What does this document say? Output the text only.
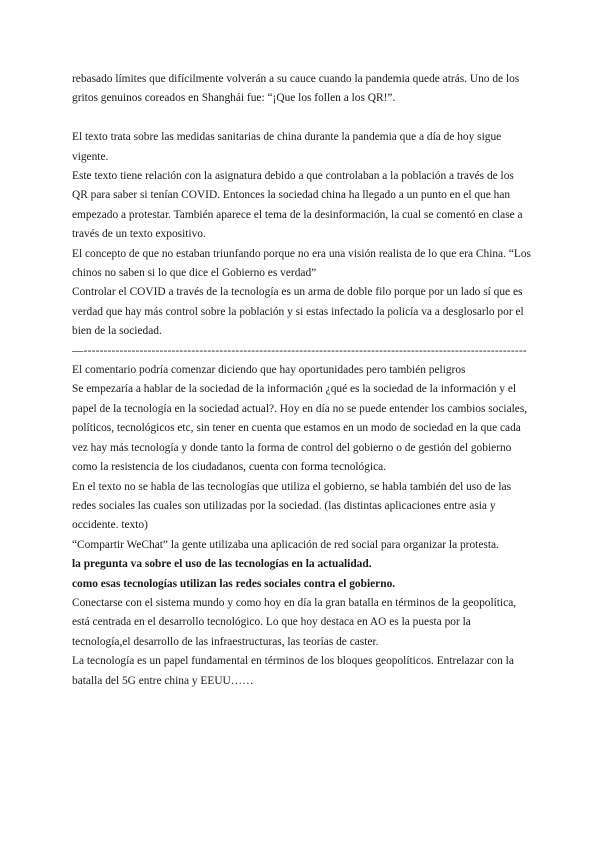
rebasado límites que difícilmente volverán a su cauce cuando la pandemia quede atrás. Uno de los gritos genuinos coreados en Shanghái fue: “¡Que los follen a los QR!”.

El texto trata sobre las medidas sanitarias de china durante la pandemia que a día de hoy sigue vigente.

Este texto tiene relación con la asignatura debido a que controlaban a la población a través de los QR para saber si tenían COVID. Entonces la sociedad china ha llegado a un punto en el que han empezado a protestar. También aparece el tema de la desinformación, la cual se comentó en clase a través de un texto expositivo.

El concepto de que no estaban triunfando porque no era una visión realista de lo que era China. “Los chinos no saben si lo que dice el Gobierno es verdad”

Controlar el COVID a través de la tecnología es un arma de doble filo porque por un lado sí que es verdad que hay más control sobre la población y si estas infectado la policía va a desglosarlo por el bien de la sociedad.

—---------------------------------------------------------------------------------------------------------------

El comentario podría comenzar diciendo que hay oportunidades pero también peligros

Se empezaría a hablar de la sociedad de la información ¿qué es la sociedad de la información y el papel de la tecnología en la sociedad actual?. Hoy en día no se puede entender los cambios sociales, políticos, tecnológicos etc, sin tener en cuenta que estamos en un modo de sociedad en la que cada vez hay más tecnología y donde tanto la forma de control del gobierno o de gestión del gobierno como la resistencia de los ciudadanos, cuenta con forma tecnológica.

En el texto no se habla de las tecnologías que utiliza el gobierno, se habla también del uso de las redes sociales las cuales son utilizadas por la sociedad. (las distintas aplicaciones entre asia y occidente. texto)

“Compartir WeChat” la gente utilizaba una aplicación de red social para organizar la protesta.

la pregunta va sobre el uso de las tecnologías en la actualidad.

como esas tecnologías utilizan las redes sociales contra el gobierno.

Conectarse con el sistema mundo y como hoy en día la gran batalla en términos de la geopolítica, está centrada en el desarrollo tecnológico. Lo que hoy destaca en AO es la puesta por la tecnología,el desarrollo de las infraestructuras, las teorías de caster.

La tecnología es un papel fundamental en términos de los bloques geopolíticos. Entrelazar con la batalla del 5G entre china y EEUU……
